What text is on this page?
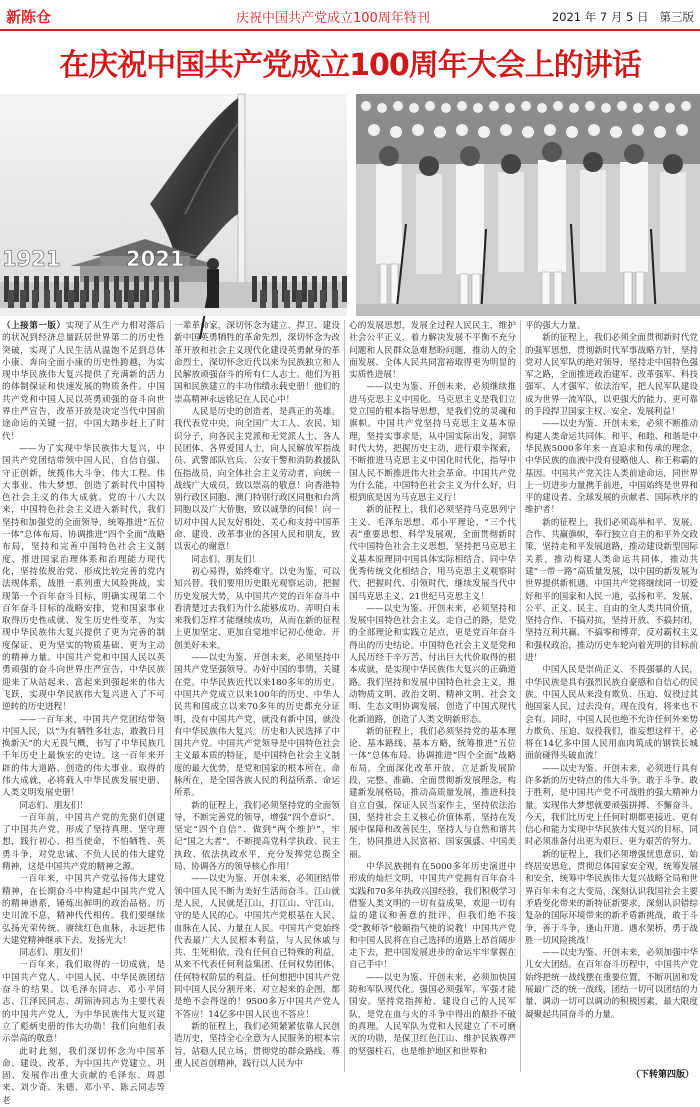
新陈仓	庆祝中国共产党成立100周年特刊	2021 年 7 月 5 日 第三版
在庆祝中国共产党成立100周年大会上的讲话
1921	2021

（上接第一版）实现了从生产力相对落后的状况到经济总量跃居世界第二的历史性突破，实现了人民生活从温饱不足到总体小康、奔向全面小康的历史性跨越，为实现中华民族伟大复兴提供了充满新的活力的体制保证和快速发展的物质条件。中国共产党和中国人民以英勇顽强的奋斗向世界庄严宣告，改革开放是决定当代中国前途命运的关键一招，中国大踏步赶上了时代！

——为了实现中华民族伟大复兴，中国共产党团结带领中国人民，自信自强、守正创新，统揽伟大斗争、伟大工程、伟大事业、伟大梦想，创造了新时代中国特色社会主义的伟大成就。党的十八大以来，中国特色社会主义进入新时代，我们坚持和加强党的全面领导，统筹推进“五位一体”总体布局、协调推进“四个全面”战略布局，坚持和完善中国特色社会主义制度、推进国家治理体系和治理能力现代化，坚持依规治党、形成比较完善的党内法规体系，战胜一系列重大风险挑战，实现第一个百年奋斗目标，明确实现第二个百年奋斗目标的战略安排，党和国家事业取得历史性成就、发生历史性变革，为实现中华民族伟大复兴提供了更为完善的制度保证、更为坚实的物质基础、更为主动的精神力量。中国共产党和中国人民以英勇顽强的奋斗向世界庄严宣告，中华民族迎来了从站起来、富起来到强起来的伟大飞跃，实现中华民族伟大复兴进入了不可逆转的历史进程！

——一百年来，中国共产党团结带领中国人民，以“为有牺牲多壮志，敢教日月换新天”的大无畏气概，书写了中华民族几千年历史上最恢宏的史诗。这一百年来开辟的伟大道路、创造的伟大事业、取得的伟大成就，必将载入中华民族发展史册、人类文明发展史册！

同志们、朋友们！

一百年前，中国共产党的先驱们创建了中国共产党，形成了坚持真理、坚守理想，践行初心、担当使命，不怕牺牲、英勇斗争，对党忠诚、不负人民的伟大建党精神，这是中国共产党的精神之源。

一百年来，中国共产党弘扬伟大建党精神，在长期奋斗中构建起中国共产党人的精神谱系，锤炼出鲜明的政治品格。历史川流不息，精神代代相传。我们要继续弘扬光荣传统、赓续红色血脉，永远把伟大建党精神继承下去、发扬光大！

同志们、朋友们！

一百年来，我们取得的一切成就，是中国共产党人、中国人民、中华民族团结奋斗的结果。以毛泽东同志、邓小平同志、江泽民同志、胡锦涛同志为主要代表的中国共产党人，为中华民族伟大复兴建立了彪炳史册的伟大功勋！我们向他们表示崇高的敬意！

此时此刻，我们深切怀念为中国革命、建设、改革，为中国共产党建立、巩固、发展作出重大贡献的毛泽东、周恩来、刘少奇、朱德、邓小平、陈云同志等老

一辈革命家，深切怀念为建立、捍卫、建设新中国英勇牺牲的革命先烈，深切怀念为改革开放和社会主义现代化建设英勇献身的革命烈士，深切怀念近代以来为民族独立和人民解放顽强奋斗的所有仁人志士。他们为祖国和民族建立的丰功伟绩永载史册！他们的崇高精神永远铭记在人民心中！

人民是历史的创造者，是真正的英雄。我代表党中央，向全国广大工人、农民、知识分子，向各民主党派和无党派人士、各人民团体、各界爱国人士，向人民解放军指战员、武警部队官兵、公安干警和消防救援队伍指战员，向全体社会主义劳动者，向统一战线广大成员，致以崇高的敬意！向香港特别行政区同胞、澳门特别行政区同胞和台湾同胞以及广大侨胞，致以诚挚的问候！向一切对中国人民友好相处、关心和支持中国革命、建设、改革事业的各国人民和朋友，致以衷心的谢意！

同志们、朋友们！

初心易得，始终难守。以史为鉴，可以知兴替。我们要用历史眼光观察运动，把握历史发展大势，从中国共产党的百年奋斗中看清楚过去我们为什么能够成功、弄明白未来我们怎样才能继续成功，从而在新的征程上更加坚定、更加自觉地牢记初心使命、开创美好未来。

——以史为鉴、开创未来，必须坚持中国共产党坚强领导。办好中国的事情，关键在党。中华民族近代以来180多年的历史、中国共产党成立以来100年的历史、中华人民共和国成立以来70多年的历史都充分证明，没有中国共产党，就没有新中国，就没有中华民族伟大复兴。历史和人民选择了中国共产党。中国共产党领导是中国特色社会主义最本质的特征，是中国特色社会主义制度的最大优势，是党和国家的根本所在、命脉所在，是全国各族人民的利益所系、命运所系。

新的征程上，我们必须坚持党的全面领导，不断完善党的领导，增强“四个意识”、坚定“四个自信”、做到“两个维护”，牢记“国之大者”，不断提高党科学执政、民主执政、依法执政水平，充分发挥党总揽全局、协调各方的领导核心作用！

——以史为鉴、开创未来，必须团结带领中国人民不断为美好生活而奋斗。江山就是人民，人民就是江山，打江山、守江山，守的是人民的心。中国共产党根基在人民、血脉在人民、力量在人民。中国共产党始终代表最广大人民根本利益，与人民休戚与共、生死相依，没有任何自己特殊的利益，从来不代表任何利益集团、任何权势团体、任何特权阶层的利益。任何想把中国共产党同中国人民分割开来、对立起来的企图，都是绝不会得逞的！9500多万中国共产党人不答应！14亿多中国人民也不答应！

新的征程上，我们必须紧紧依靠人民创造历史，坚持全心全意为人民服务的根本宗旨，站稳人民立场，贯彻党的群众路线，尊重人民首创精神，践行以人民为中

心的发展思想，发展全过程人民民主，维护社会公平正义，着力解决发展不平衡不充分问题和人民群众急难愁盼问题，推动人的全面发展、全体人民共同富裕取得更为明显的实质性进展！

——以史为鉴、开创未来，必须继续推进马克思主义中国化。马克思主义是我们立党立国的根本指导思想，是我们党的灵魂和旗帜。中国共产党坚持马克思主义基本原理，坚持实事求是，从中国实际出发，洞察时代大势，把握历史主动，进行艰辛探索，不断推进马克思主义中国化时代化，指导中国人民不断推进伟大社会革命。中国共产党为什么能，中国特色社会主义为什么好，归根到底是因为马克思主义行！

新的征程上，我们必须坚持马克思列宁主义、毛泽东思想、邓小平理论、“三个代表”重要思想、科学发展观，全面贯彻新时代中国特色社会主义思想，坚持把马克思主义基本原理同中国具体实际相结合、同中华优秀传统文化相结合，用马克思主义观察时代、把握时代、引领时代，继续发展当代中国马克思主义、21世纪马克思主义！

——以史为鉴、开创未来，必须坚持和发展中国特色社会主义。走自己的路，是党的全部理论和实践立足点，更是党百年奋斗得出的历史结论。中国特色社会主义是党和人民历经千辛万苦、付出巨大代价取得的根本成就，是实现中华民族伟大复兴的正确道路。我们坚持和发展中国特色社会主义，推动物质文明、政治文明、精神文明、社会文明、生态文明协调发展，创造了中国式现代化新道路，创造了人类文明新形态。

新的征程上，我们必须坚持党的基本理论、基本路线、基本方略，统筹推进“五位一体”总体布局、协调推进“四个全面”战略布局，全面深化改革开放，立足新发展阶段，完整、准确、全面贯彻新发展理念，构建新发展格局，推动高质量发展，推进科技自立自强，保证人民当家作主，坚持依法治国，坚持社会主义核心价值体系，坚持在发展中保障和改善民生，坚持人与自然和谐共生，协同推进人民富裕、国家强盛、中国美丽。

中华民族拥有在5000多年历史演进中形成的灿烂文明，中国共产党拥有百年奋斗实践和70多年执政兴国经验，我们积极学习借鉴人类文明的一切有益成果，欢迎一切有益的建议和善意的批评，但我们绝不接受“教师爷”般颐指气使的说教！中国共产党和中国人民将在自己选择的道路上昂首阔步走下去，把中国发展进步的命运牢牢掌握在自己手中！

——以史为鉴、开创未来，必须加快国防和军队现代化。强国必须强军，军强才能国安。坚持党指挥枪、建设自己的人民军队，是党在血与火的斗争中得出的颠扑不破的真理。人民军队为党和人民建立了不可磨灭的功勋，是保卫红色江山、维护民族尊严的坚强柱石，也是维护地区和世界和

平的强大力量。

新的征程上，我们必须全面贯彻新时代党的强军思想，贯彻新时代军事战略方针，坚持党对人民军队的绝对领导，坚持走中国特色强军之路，全面推进政治建军、改革强军、科技强军、人才强军、依法治军，把人民军队建设成为世界一流军队，以更强大的能力、更可靠的手段捍卫国家主权、安全、发展利益！

——以史为鉴、开创未来，必须不断推动构建人类命运共同体。和平、和睦、和谐是中华民族5000多年来一直追求和传承的理念，中华民族的血液中没有侵略他人、称王称霸的基因。中国共产党关注人类前途命运，同世界上一切进步力量携手前进，中国始终是世界和平的建设者、全球发展的贡献者、国际秩序的维护者！

新的征程上，我们必须高举和平、发展、合作、共赢旗帜，奉行独立自主的和平外交政策，坚持走和平发展道路，推动建设新型国际关系，推动构建人类命运共同体，推动共建“一带一路”高质量发展，以中国的新发展为世界提供新机遇。中国共产党将继续同一切爱好和平的国家和人民一道，弘扬和平、发展、公平、正义、民主、自由的全人类共同价值，坚持合作、不搞对抗，坚持开放、不搞封闭，坚持互利共赢、不搞零和博弈，反对霸权主义和强权政治，推动历史车轮向着光明的目标前进！

中国人民是崇尚正义、不畏强暴的人民，中华民族是具有强烈民族自豪感和自信心的民族。中国人民从来没有欺负、压迫、奴役过其他国家人民，过去没有，现在没有，将来也不会有。同时，中国人民也绝不允许任何外来势力欺负、压迫、奴役我们，谁妄想这样干，必将在14亿多中国人民用血肉筑成的钢铁长城面前碰得头破血流！

——以史为鉴、开创未来，必须进行具有许多新的历史特点的伟大斗争。敢于斗争、敢于胜利，是中国共产党不可战胜的强大精神力量。实现伟大梦想就要顽强拼搏、不懈奋斗。今天，我们比历史上任何时期都更接近、更有信心和能力实现中华民族伟大复兴的目标，同时必须准备付出更为艰巨、更为艰苦的努力。

新的征程上，我们必须增强忧患意识、始终居安思危，贯彻总体国家安全观，统筹发展和安全，统筹中华民族伟大复兴战略全局和世界百年未有之大变局，深刻认识我国社会主要矛盾变化带来的新特征新要求，深刻认识错综复杂的国际环境带来的新矛盾新挑战，敢于斗争，善于斗争，逢山开道、遇水架桥，勇于战胜一切风险挑战！

——以史为鉴、开创未来，必须加强中华儿女大团结。在百年奋斗历程中，中国共产党始终把统一战线摆在重要位置，不断巩固和发展最广泛的统一战线，团结一切可以团结的力量、调动一切可以调动的积极因素，最大限度凝聚起共同奋斗的力量。

（下转第四版）
